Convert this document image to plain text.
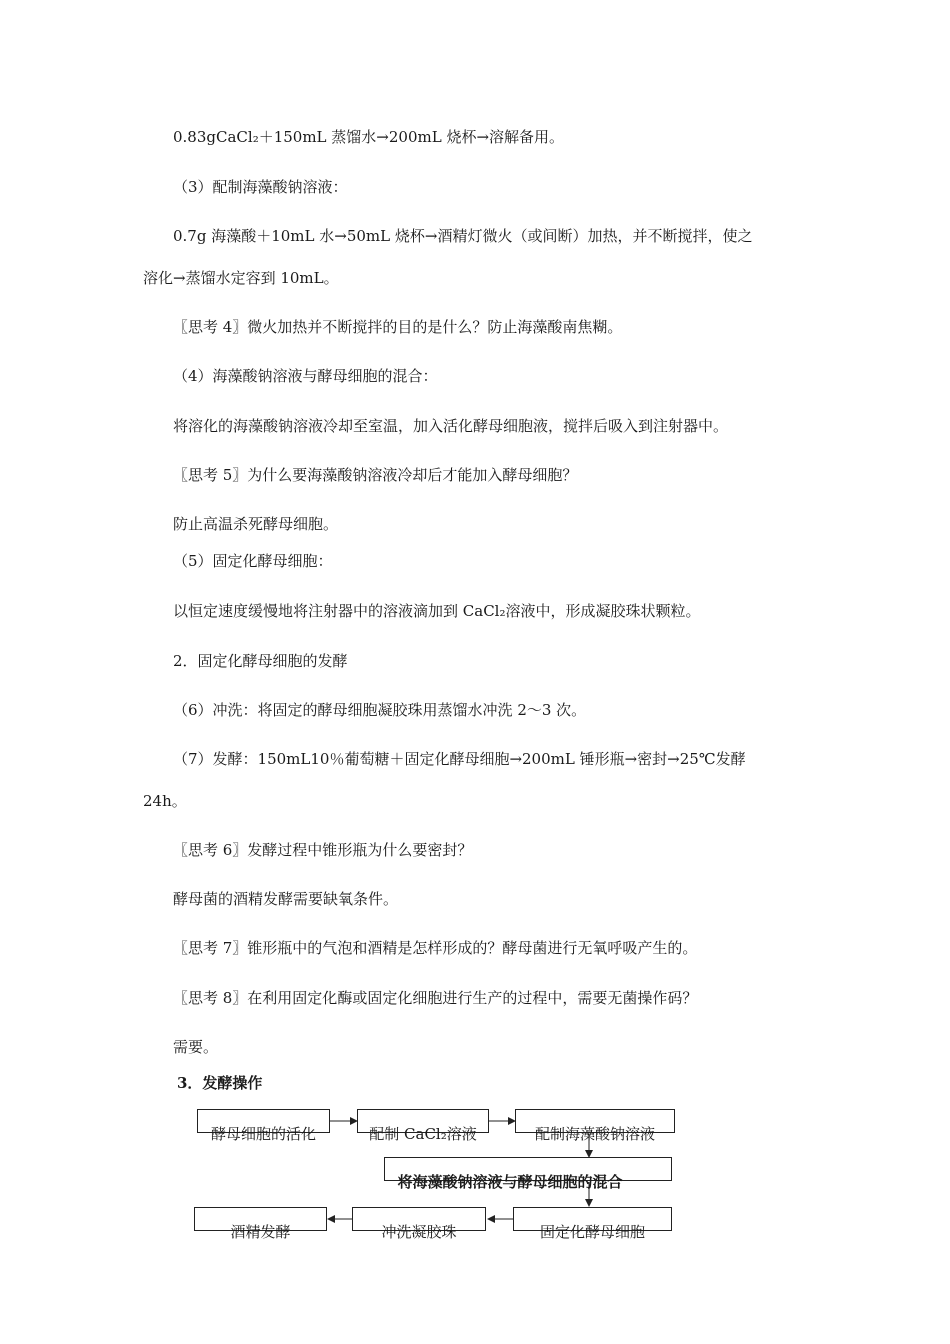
0.83gCaCl₂＋150mL 蒸馏水→200mL 烧杯→溶解备用。

（3）配制海藻酸钠溶液：

0.7g 海藻酸＋10mL 水→50mL 烧杯→酒精灯微火（或间断）加热，并不断搅拌，使之

溶化→蒸馏水定容到 10mL。

〖思考 4〗微火加热并不断搅拌的目的是什么？防止海藻酸南焦糊。

（4）海藻酸钠溶液与酵母细胞的混合：

将溶化的海藻酸钠溶液冷却至室温，加入活化酵母细胞液，搅拌后吸入到注射器中。

〖思考 5〗为什么要海藻酸钠溶液冷却后才能加入酵母细胞？

防止高温杀死酵母细胞。

（5）固定化酵母细胞：

以恒定速度缓慢地将注射器中的溶液滴加到 CaCl₂溶液中，形成凝胶珠状颗粒。

2．固定化酵母细胞的发酵

（6）冲洗：将固定的酵母细胞凝胶珠用蒸馏水冲洗 2～3 次。

（7）发酵：150mL10％葡萄糖＋固定化酵母细胞→200mL 锤形瓶→密封→25℃发酵

24h。

〖思考 6〗发酵过程中锥形瓶为什么要密封？

酵母菌的酒精发酵需要缺氧条件。

〖思考 7〗锥形瓶中的气泡和酒精是怎样形成的？酵母菌进行无氧呼吸产生的。

〖思考 8〗在利用固定化酶或固定化细胞进行生产的过程中，需要无菌操作码？

需要。

3．发酵操作

酵母细胞的活化	配制 CaCl₂溶液	配制海藻酸钠溶液
将海藻酸钠溶液与酵母细胞的混合
固定化酵母细胞
冲洗凝胶珠
酒精发酵
